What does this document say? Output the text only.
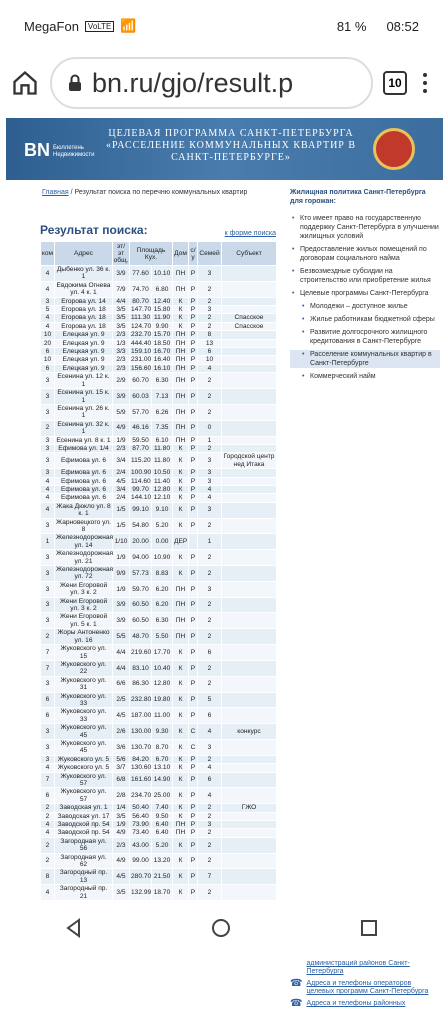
MegaFon	VoLTE 📶	81 % 08:52
bn.ru/gjo/result.p	10
BN Бюллетень Недвижимости
ЦЕЛЕВАЯ ПРОГРАММА САНКТ-ПЕТЕРБУРГА «РАССЕЛЕНИЕ КОММУНАЛЬНЫХ КВАРТИР В САНКТ-ПЕТЕРБУРГЕ»
Главная / Результат поиска по перечню коммунальных квартир
Результат поиска:	к форме поиска
ком	Адрес	эт/ эт общ.	Площадь Кух.		Дом	с/ у	Семей	Субъект
4	Дыбенко ул. 36 к. 1	3/9	77.60	10.10	ПН	Р	3	
4	Евдокима Огнева ул. 4 к. 1	7/9	74.70	6.80	ПН	Р	2	
3	Егорова ул. 14	4/4	80.70	12.40	К	Р	2	
5	Егорова ул. 18	3/5	147.70	15.80	К	Р	3	
4	Егорова ул. 18	3/5	111.30	11.90	К	Р	2	Спасское
4	Егорова ул. 18	3/5	124.70	9.90	К	Р	2	Спасское
10	Елецкая ул. 9	2/3	232.70	15.70	ПН	Р	8	
20	Елецкая ул. 9	1/3	444.40	18.50	ПН	Р	13	
6	Елецкая ул. 9	3/3	159.10	16.70	ПН	Р	6	
10	Елецкая ул. 9	2/3	231.00	16.40	ПН	Р	10	
6	Елецкая ул. 9	2/3	156.60	16.10	ПН	Р	4	
3	Есенина ул. 12 к. 1	2/9	60.70	6.30	ПН	Р	2	
3	Есенина ул. 15 к. 1	3/9	60.03	7.13	ПН	Р	2	
3	Есенина ул. 26 к. 1	5/9	57.70	6.26	ПН	Р	2	
2	Есенина ул. 32 к. 1	4/9	46.16	7.35	ПН	Р	0	
3	Есенина ул. 8 к. 1	1/9	59.50	6.10	ПН	Р	1	
3	Ефимова ул. 1/4	2/3	87.70	11.80	К	Р	2	
3	Ефимова ул. 6	3/4	115.20	11.80	К	Р	3	Городской центр нед Итака
3	Ефимова ул. 6	2/4	100.90	10.50	К	Р	3	
4	Ефимова ул. 6	4/5	114.60	11.40	К	Р	3	
4	Ефимова ул. 6	3/4	99.70	12.80	К	Р	4	
4	Ефимова ул. 6	2/4	144.10	12.10	К	Р	4	
4	Жака Дюкло ул. 8 к. 1	1/5	99.10	9.10	К	Р	3	
3	Жарновецкого ул. 8	1/5	54.80	5.20	К	Р	2	
1	Железнодорожная ул. 14	1/10	20.00	0.00	ДЕР		1	
3	Железнодорожная ул. 21	1/9	94.00	10.90	К	Р	2	
3	Железнодорожная ул. 72	9/9	57.73	8.83	К	Р	2	
3	Жени Егоровой ул. 3 к. 2	1/9	59.70	6.20	ПН	Р	3	
3	Жени Егоровой ул. 3 к. 2	3/9	60.50	6.20	ПН	Р	2	
3	Жени Егоровой ул. 5 к. 1	3/9	60.50	6.30	ПН	Р	2	
2	Жоры Антоненко ул. 16	5/5	48.70	5.50	ПН	Р	2	
7	Жуковского ул. 15	4/4	219.60	17.70	К	Р	6	
7	Жуковского ул. 22	4/4	83.10	10.40	К	Р	2	
3	Жуковского ул. 31	6/6	86.30	12.80	К	Р	2	
6	Жуковского ул. 33	2/5	232.80	19.80	К	Р	5	
6	Жуковского ул. 33	4/5	187.00	11.00	К	Р	6	
3	Жуковского ул. 45	2/6	130.00	9.30	К	С	4	конкурс
3	Жуковского ул. 45	3/6	130.70	8.70	К	С	3	
3	Жуковского ул. 5	5/6	84.20	6.70	К	Р	2	
4	Жуковского ул. 5	3/7	130.60	13.10	К	Р	4	
7	Жуковского ул. 57	6/8	161.60	14.90	К	Р	6	
6	Жуковского ул. 57	2/8	234.70	25.00	К	Р	4	
2	Заводская ул. 1	1/4	50.40	7.40	К	Р	2	ГЖО
2	Заводская ул. 17	3/5	56.40	9.50	К	Р	2	
4	Заводской пр. 54	1/9	73.90	6.40	ПН	Р	3	
4	Заводской пр. 54	4/9	73.40	6.40	ПН	Р	2	
2	Загородная ул. 56	2/3	43.00	5.20	К	Р	2	
2	Загородная ул. 62	4/9	99.00	13.20	К	Р	2	
8	Загородный пр. 13	4/5	280.70	21.50	К	Р	7	
4	Загородный пр. 21	3/5	132.99	18.70	К	Р	2	
Жилищная политика Санкт-Петербурга для горожан:
• Кто имеет право на государственную поддержку Санкт-Петербурга в улучшении жилищных условий
• Предоставление жилых помещений по договорам социального найма
• Безвозмездные субсидии на строительство или приобретение жилья
• Целевые программы Санкт-Петербурга
• Молодежи – доступное жилье
• Жилье работникам бюджетной сферы
• Развитие долгосрочного жилищного кредитования в Санкт-Петербурге
• Расселение коммунальных квартир в Санкт-Петербурге
• Коммерческий найм
администраций районов Санкт-Петербурга
☎ Адреса и телефоны операторов целевых программ Санкт-Петербурга
☎ Адреса и телефоны районных
